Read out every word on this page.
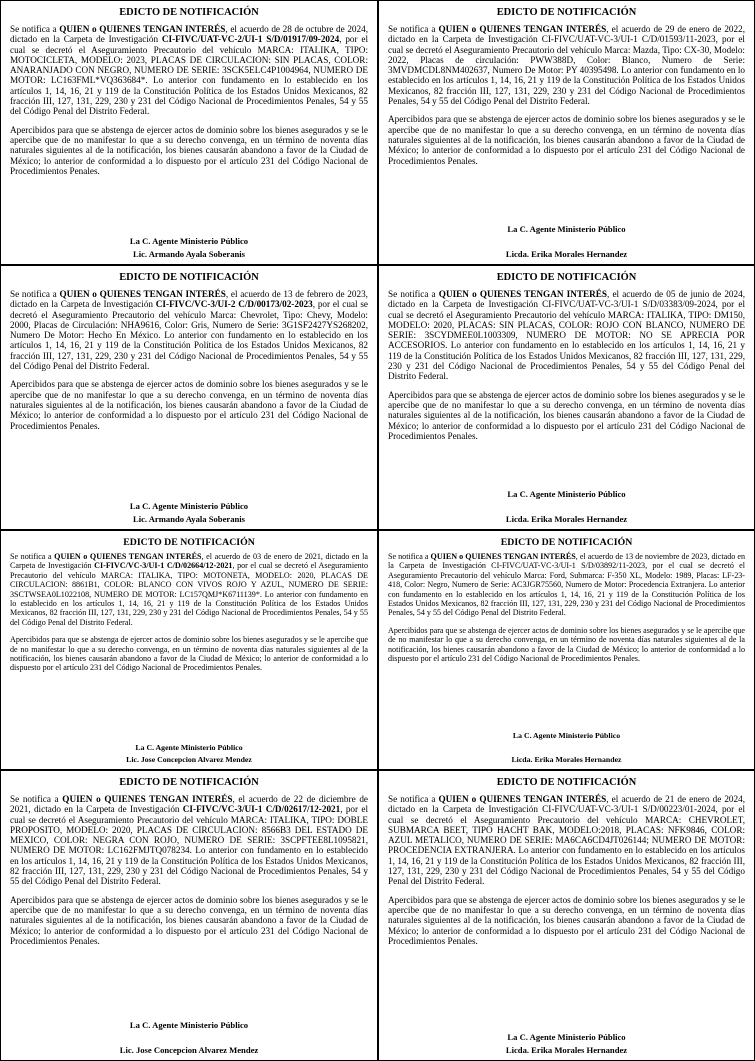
EDICTO DE NOTIFICACIÓN

Se notifica a QUIEN o QUIENES TENGAN INTERÉS, el acuerdo de 28 de octubre de 2024, dictado en la Carpeta de Investigación CI-FIVC/UAT-VC-2/UI-1 S/D/01917/09-2024, por el cual se decretó el Aseguramiento Precautorio del vehículo MARCA: ITALIKA, TIPO: MOTOCICLETA, MODELO: 2023, PLACAS DE CIRCULACION: SIN PLACAS, COLOR: ANARANJADO CON NEGRO, NUMERO DE SERIE: 3SCK5ELC4P1004964, NUMERO DE MOTOR: LC163FML*VQ363684*. Lo anterior con fundamento en lo establecido en los artículos 1, 14, 16, 21 y 119 de la Constitución Política de los Estados Unidos Mexicanos, 82 fracción III, 127, 131, 229, 230 y 231 del Código Nacional de Procedimientos Penales, 54 y 55 del Código Penal del Distrito Federal.

Apercibidos para que se abstenga de ejercer actos de dominio sobre los bienes asegurados y se le apercibe que de no manifestar lo que a su derecho convenga, en un término de noventa días naturales siguientes al de la notificación, los bienes causarán abandono a favor de la Ciudad de México; lo anterior de conformidad a lo dispuesto por el artículo 231 del Código Nacional de Procedimientos Penales.

La C. Agente Ministerio Público
Lic. Armando Ayala Soberanis
EDICTO DE NOTIFICACIÓN

Se notifica a QUIEN o QUIENES TENGAN INTERÉS, el acuerdo de 29 de enero de 2022, dictado en la Carpeta de Investigación CI-FIVC/UAT-VC-3/UI-1 C/D/01593/11-2023, por el cual se decretó el Aseguramiento Precautorio del vehículo Marca: Mazda, Tipo: CX-30, Modelo: 2022, Placas de circulación: PWW388D, Color: Blanco, Numero de Serie: 3MVDMCDL8NM402637, Numero De Motor: PY 40395498. Lo anterior con fundamento en lo establecido en los artículos 1, 14, 16, 21 y 119 de la Constitución Política de los Estados Unidos Mexicanos, 82 fracción III, 127, 131, 229, 230 y 231 del Código Nacional de Procedimientos Penales, 54 y 55 del Código Penal del Distrito Federal.

Apercibidos para que se abstenga de ejercer actos de dominio sobre los bienes asegurados y se le apercibe que de no manifestar lo que a su derecho convenga, en un término de noventa días naturales siguientes al de la notificación, los bienes causarán abandono a favor de la Ciudad de México; lo anterior de conformidad a lo dispuesto por el artículo 231 del Código Nacional de Procedimientos Penales.

La C. Agente Ministerio Público
Licda. Erika Morales Hernandez
EDICTO DE NOTIFICACIÓN

Se notifica a QUIEN o QUIENES TENGAN INTERÉS, el acuerdo de 13 de febrero de 2023, dictado en la Carpeta de Investigación CI-FIVC/VC-3/UI-2 C/D/00173/02-2023, por el cual se decretó el Aseguramiento Precautorio del vehículo Marca: Chevrolet, Tipo: Chevy, Modelo: 2000, Placas de Circulación: NHA9616, Color: Gris, Numero de Serie: 3G1SF2427YS268202, Numero De Motor: Hecho En México. Lo anterior con fundamento en lo establecido en los artículos 1, 14, 16, 21 y 119 de la Constitución Política de los Estados Unidos Mexicanos, 82 fracción III, 127, 131, 229, 230 y 231 del Código Nacional de Procedimientos Penales, 54 y 55 del Código Penal del Distrito Federal.

Apercibidos para que se abstenga de ejercer actos de dominio sobre los bienes asegurados y se le apercibe que de no manifestar lo que a su derecho convenga, en un término de noventa días naturales siguientes al de la notificación, los bienes causarán abandono a favor de la Ciudad de México; lo anterior de conformidad a lo dispuesto por el artículo 231 del Código Nacional de Procedimientos Penales.

La C. Agente Ministerio Público
Lic. Armando Ayala Soberanis
EDICTO DE NOTIFICACIÓN

Se notifica a QUIEN o QUIENES TENGAN INTERÉS, el acuerdo de 05 de junio de 2024, dictado en la Carpeta de Investigación CI-FIVC/UAT-VC-3/UI-1 S/D/03383/09-2024, por el cual se decretó el Aseguramiento Precautorio del vehículo MARCA: ITALIKA, TIPO: DM150, MODELO: 2020, PLACAS: SIN PLACAS, COLOR: ROJO CON BLANCO, NUMERO DE SERIE: 3SCYDMEE0L1003309, NUMERO DE MOTOR: NO SE APRECIA POR ACCESORIOS. Lo anterior con fundamento en lo establecido en los artículos 1, 14, 16, 21 y 119 de la Constitución Política de los Estados Unidos Mexicanos, 82 fracción III, 127, 131, 229, 230 y 231 del Código Nacional de Procedimientos Penales, 54 y 55 del Código Penal del Distrito Federal.

Apercibidos para que se abstenga de ejercer actos de dominio sobre los bienes asegurados y se le apercibe que de no manifestar lo que a su derecho convenga, en un término de noventa días naturales siguientes al de la notificación, los bienes causarán abandono a favor de la Ciudad de México; lo anterior de conformidad a lo dispuesto por el artículo 231 del Código Nacional de Procedimientos Penales.

La C. Agente Ministerio Público
Licda. Erika Morales Hernandez
EDICTO DE NOTIFICACIÓN

Se notifica a QUIEN o QUIENES TENGAN INTERÉS, el acuerdo de 03 de enero de 2021, dictado en la Carpeta de Investigación CI-FIVC/VC-3/UI-1 C/D/02664/12-2021, por el cual se decretó el Aseguramiento Precautorio del vehículo MARCA: ITALIKA, TIPO: MOTONETA, MODELO: 2020, PLACAS DE CIRCULACION: 8861B1, COLOR: BLANCO CON VIVOS ROJO Y AZUL, NUMERO DE SERIE: 3SCTWSEA0L1022108, NUMERO DE MOTOR: LC157QMJ*K6711139*. Lo anterior con fundamento en lo establecido en los artículos 1, 14, 16, 21 y 119 de la Constitución Política de los Estados Unidos Mexicanos, 82 fracción III, 127, 131, 229, 230 y 231 del Código Nacional de Procedimientos Penales, 54 y 55 del Código Penal del Distrito Federal.

Apercibidos para que se abstenga de ejercer actos de dominio sobre los bienes asegurados y se le apercibe que de no manifestar lo que a su derecho convenga, en un término de noventa días naturales siguientes al de la notificación, los bienes causarán abandono a favor de la Ciudad de México; lo anterior de conformidad a lo dispuesto por el artículo 231 del Código Nacional de Procedimientos Penales.

La C. Agente Ministerio Público
Lic. Jose Concepcion Alvarez Mendez
EDICTO DE NOTIFICACIÓN

Se notifica a QUIEN o QUIENES TENGAN INTERÉS, el acuerdo de 13 de noviembre de 2023, dictado en la Carpeta de Investigación CI-FIVC/UAT-VC-3/UI-1 S/D/03892/11-2023, por el cual se decretó el Aseguramiento Precautorio del vehículo Marca: Ford, Submarca: F-350 XL, Modelo: 1989, Placas: LF-23-418, Color: Negro, Numero de Serie: AC3JGR75560, Numero de Motor: Procedencia Extranjera. Lo anterior con fundamento en lo establecido en los artículos 1, 14, 16, 21 y 119 de la Constitución Política de los Estados Unidos Mexicanos, 82 fracción III, 127, 131, 229, 230 y 231 del Código Nacional de Procedimientos Penales, 54 y 55 del Código Penal del Distrito Federal.

Apercibidos para que se abstenga de ejercer actos de dominio sobre los bienes asegurados y se le apercibe que de no manifestar lo que a su derecho convenga, en un término de noventa días naturales siguientes al de la notificación, los bienes causarán abandono a favor de la Ciudad de México; lo anterior de conformidad a lo dispuesto por el artículo 231 del Código Nacional de Procedimientos Penales.

La C. Agente Ministerio Público
Licda. Erika Morales Hernandez
EDICTO DE NOTIFICACIÓN

Se notifica a QUIEN o QUIENES TENGAN INTERÉS, el acuerdo de 22 de diciembre de 2021, dictado en la Carpeta de Investigación CI-FIVC/VC-3/UI-1 C/D/02617/12-2021, por el cual se decretó el Aseguramiento Precautorio del vehículo MARCA: ITALIKA, TIPO: DOBLE PROPOSITO, MODELO: 2020, PLACAS DE CIRCULACION: 8566B3 DEL ESTADO DE MEXICO, COLOR: NEGRA CON ROJO, NUMERO DE SERIE: 3SCPFTEE8L1095821, NUMERO DE MOTOR: LC162FMJTQ078234. Lo anterior con fundamento en lo establecido en los artículos 1, 14, 16, 21 y 119 de la Constitución Política de los Estados Unidos Mexicanos, 82 fracción III, 127, 131, 229, 230 y 231 del Código Nacional de Procedimientos Penales, 54 y 55 del Código Penal del Distrito Federal.

Apercibidos para que se abstenga de ejercer actos de dominio sobre los bienes asegurados y se le apercibe que de no manifestar lo que a su derecho convenga, en un término de noventa días naturales siguientes al de la notificación, los bienes causarán abandono a favor de la Ciudad de México; lo anterior de conformidad a lo dispuesto por el artículo 231 del Código Nacional de Procedimientos Penales.

La C. Agente Ministerio Público
Lic. Jose Concepcion Alvarez Mendez
EDICTO DE NOTIFICACIÓN

Se notifica a QUIEN o QUIENES TENGAN INTERÉS, el acuerdo de 21 de enero de 2024, dictado en la Carpeta de Investigación CI-FIVC/UAT-VC-3/UI-1 S/D/00223/01-2024, por el cual se decretó el Aseguramiento Precautorio del vehículo MARCA: CHEVROLET, SUBMARCA BEET, TIPO HACHT BAK, MODELO:2018, PLACAS: NFK9846, COLOR: AZUL METALICO, NUMERO DE SERIE: MA6CA6CD4JT026144; NUMERO DE MOTOR: PROCEDENCIA EXTRANJERA. Lo anterior con fundamento en lo establecido en los artículos 1, 14, 16, 21 y 119 de la Constitución Política de los Estados Unidos Mexicanos, 82 fracción III, 127, 131, 229, 230 y 231 del Código Nacional de Procedimientos Penales, 54 y 55 del Código Penal del Distrito Federal.

Apercibidos para que se abstenga de ejercer actos de dominio sobre los bienes asegurados y se le apercibe que de no manifestar lo que a su derecho convenga, en un término de noventa días naturales siguientes al de la notificación, los bienes causarán abandono a favor de la Ciudad de México; lo anterior de conformidad a lo dispuesto por el artículo 231 del Código Nacional de Procedimientos Penales.

La C. Agente Ministerio Público
Licda. Erika Morales Hernandez
